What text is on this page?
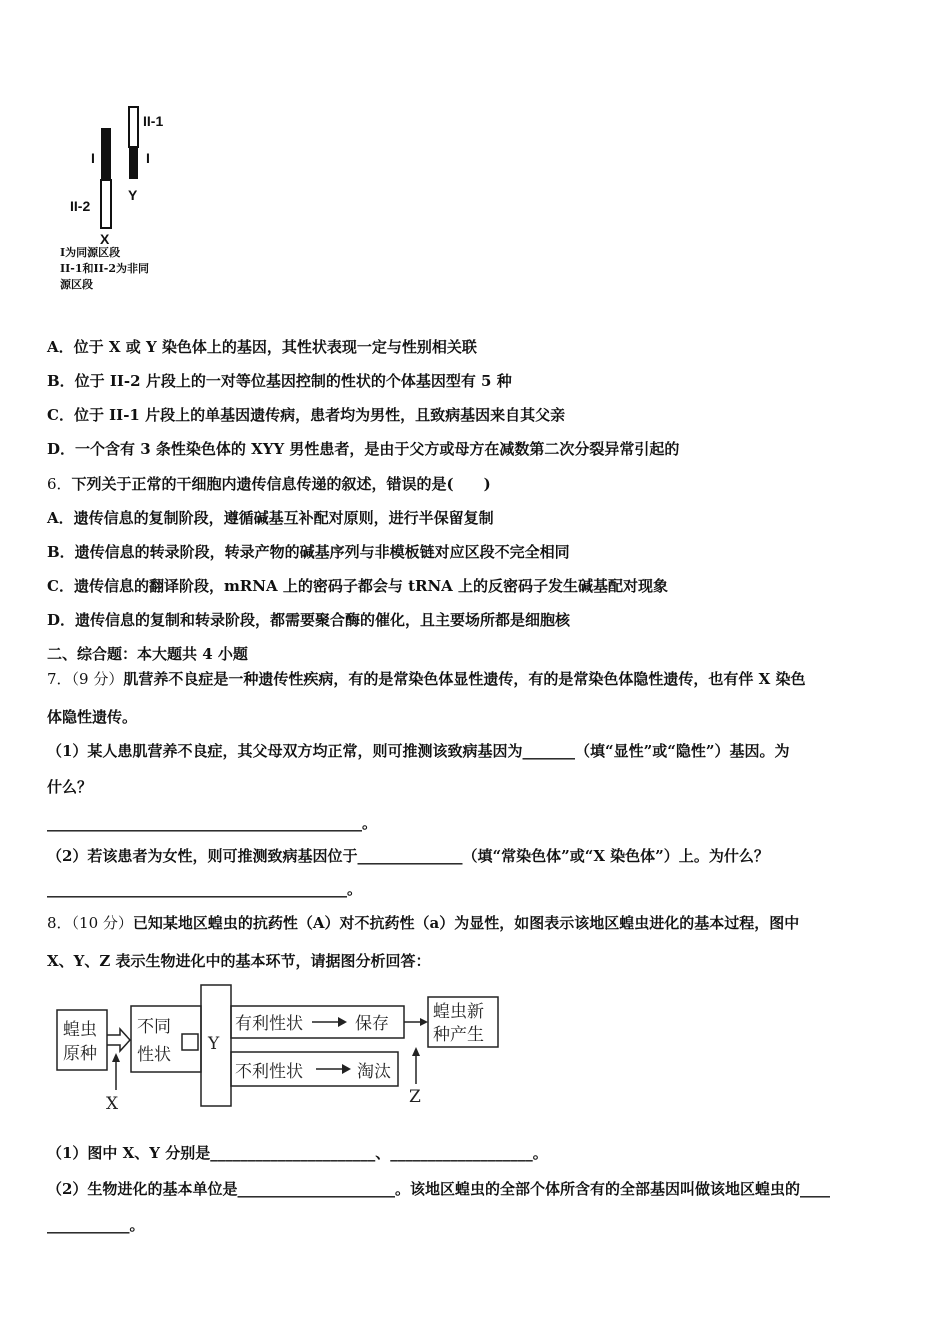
II-1
I
I
II-2
Y
X
I为同源区段
II-1和II-2为非同
源区段
A．位于 X 或 Y 染色体上的基因，其性状表现一定与性别相关联
B．位于 II-2 片段上的一对等位基因控制的性状的个体基因型有 5 种
C．位于 II-1 片段上的单基因遗传病，患者均为男性，且致病基因来自其父亲
D．一个含有 3 条性染色体的 XYY 男性患者，是由于父方或母方在减数第二次分裂异常引起的
6．下列关于正常的干细胞内遗传信息传递的叙述，错误的是(　　)
A．遗传信息的复制阶段，遵循碱基互补配对原则，进行半保留复制
B．遗传信息的转录阶段，转录产物的碱基序列与非模板链对应区段不完全相同
C．遗传信息的翻译阶段，mRNA 上的密码子都会与 tRNA 上的反密码子发生碱基配对现象
D．遗传信息的复制和转录阶段，都需要聚合酶的催化，且主要场所都是细胞核
二、综合题：本大题共 4 小题
7．（9 分）肌营养不良症是一种遗传性疾病，有的是常染色体显性遗传，有的是常染色体隐性遗传，也有伴 X 染色
体隐性遗传。
（1）某人患肌营养不良症，其父母双方均正常，则可推测该致病基因为_______（填“显性”或“隐性”）基因。为
什么？
__________________________________________。
（2）若该患者为女性，则可推测致病基因位于______________（填“常染色体”或“X 染色体”）上。为什么？
________________________________________。
8．（10 分）已知某地区蝗虫的抗药性（A）对不抗药性（a）为显性，如图表示该地区蝗虫进化的基本过程，图中
X、Y、Z 表示生物进化中的基本环节，请据图分析回答：
蝗虫
原种
不同
性状
Y
有利性状	保存
不利性状	淘汰
蝗虫新
种产生
X	Z
（1）图中 X、Y 分别是______________________、___________________。
（2）生物进化的基本单位是_____________________。该地区蝗虫的全部个体所含有的全部基因叫做该地区蝗虫的____
___________。
